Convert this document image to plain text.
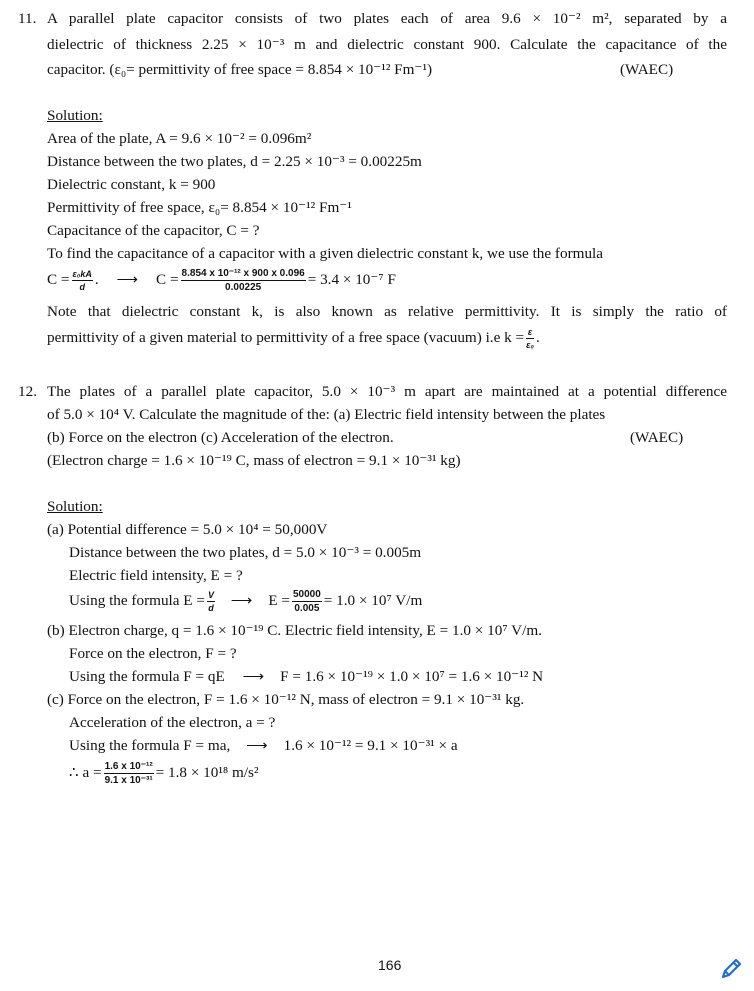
11. A parallel plate capacitor consists of two plates each of area 9.6 × 10⁻² m², separated by a
dielectric of thickness 2.25 × 10⁻³ m and dielectric constant 900. Calculate the capacitance of the
capacitor. (ε₀= permittivity of free space = 8.854 × 10⁻¹² Fm⁻¹)	(WAEC)
Solution:
Area of the plate, A = 9.6 × 10⁻² = 0.096m²
Distance between the two plates, d = 2.25 × 10⁻³ = 0.00225m
Dielectric constant, k = 900
Permittivity of free space, ε₀= 8.854 × 10⁻¹² Fm⁻¹
Capacitance of the capacitor, C = ?
To find the capacitance of a capacitor with a given dielectric constant k, we use the formula
$C = \frac{\text{ε₀kA}}{d}$ . ⟶ $C = \frac{\text{8.854 x 10⁻¹² x 900 x 0.096}}{0.00225} = 3.4 \times 10^{-7}$ F
Note that dielectric constant k, is also known as relative permittivity. It is simply the ratio of
permittivity of a given material to permittivity of a free space (vacuum) i.e $k = \frac{\varepsilon}{\text{ε₀}}$ .
12. The plates of a parallel plate capacitor, 5.0 × 10⁻³ m apart are maintained at a potential difference
of 5.0 × 10⁴ V. Calculate the magnitude of the: (a) Electric field intensity between the plates
(b) Force on the electron (c) Acceleration of the electron.	(WAEC)
(Electron charge = 1.6 × 10⁻¹⁹ C, mass of electron = 9.1 × 10⁻³¹ kg)
Solution:
(a) Potential difference = 5.0 × 10⁴ = 50,000V
Distance between the two plates, d = 5.0 × 10⁻³ = 0.005m
Electric field intensity, E = ?
Using the formula $E = \frac{V}{d}$ ⟶ $E = \frac{50000}{0.005} = 1.0 \times 10^7$ V/m
(b) Electron charge, q = 1.6 × 10⁻¹⁹ C. Electric field intensity, E = 1.0 × 10⁷ V/m.
Force on the electron, F = ?
Using the formula F = qE ⟶ F = 1.6 × 10⁻¹⁹ × 1.0 × 10⁷ = 1.6 × 10⁻¹² N
(c) Force on the electron, F = 1.6 × 10⁻¹² N, mass of electron = 9.1 × 10⁻³¹ kg.
Acceleration of the electron, a = ?
Using the formula F = ma, ⟶ 1.6 × 10⁻¹² = 9.1 × 10⁻³¹ × a
∴ $a = \frac{\text{1.6 x 10⁻¹²}}{\text{9.1 x 10⁻³¹}} = 1.8 \times 10^{18}$ m/s²
166
